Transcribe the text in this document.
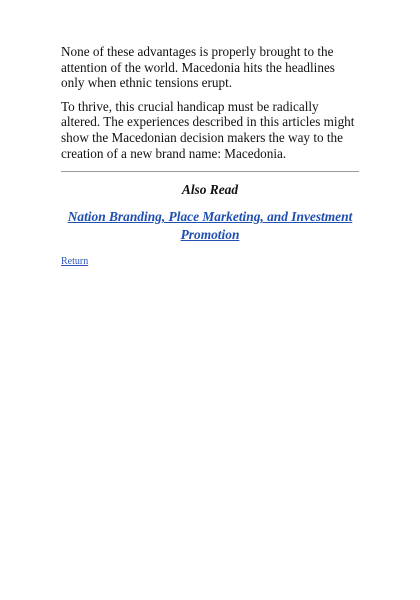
None of these advantages is properly brought to the attention of the world. Macedonia hits the headlines only when ethnic tensions erupt.

To thrive, this crucial handicap must be radically altered. The experiences described in this articles might show the Macedonian decision makers the way to the creation of a new brand name: Macedonia.

Also Read

Nation Branding, Place Marketing, and Investment Promotion
Return
